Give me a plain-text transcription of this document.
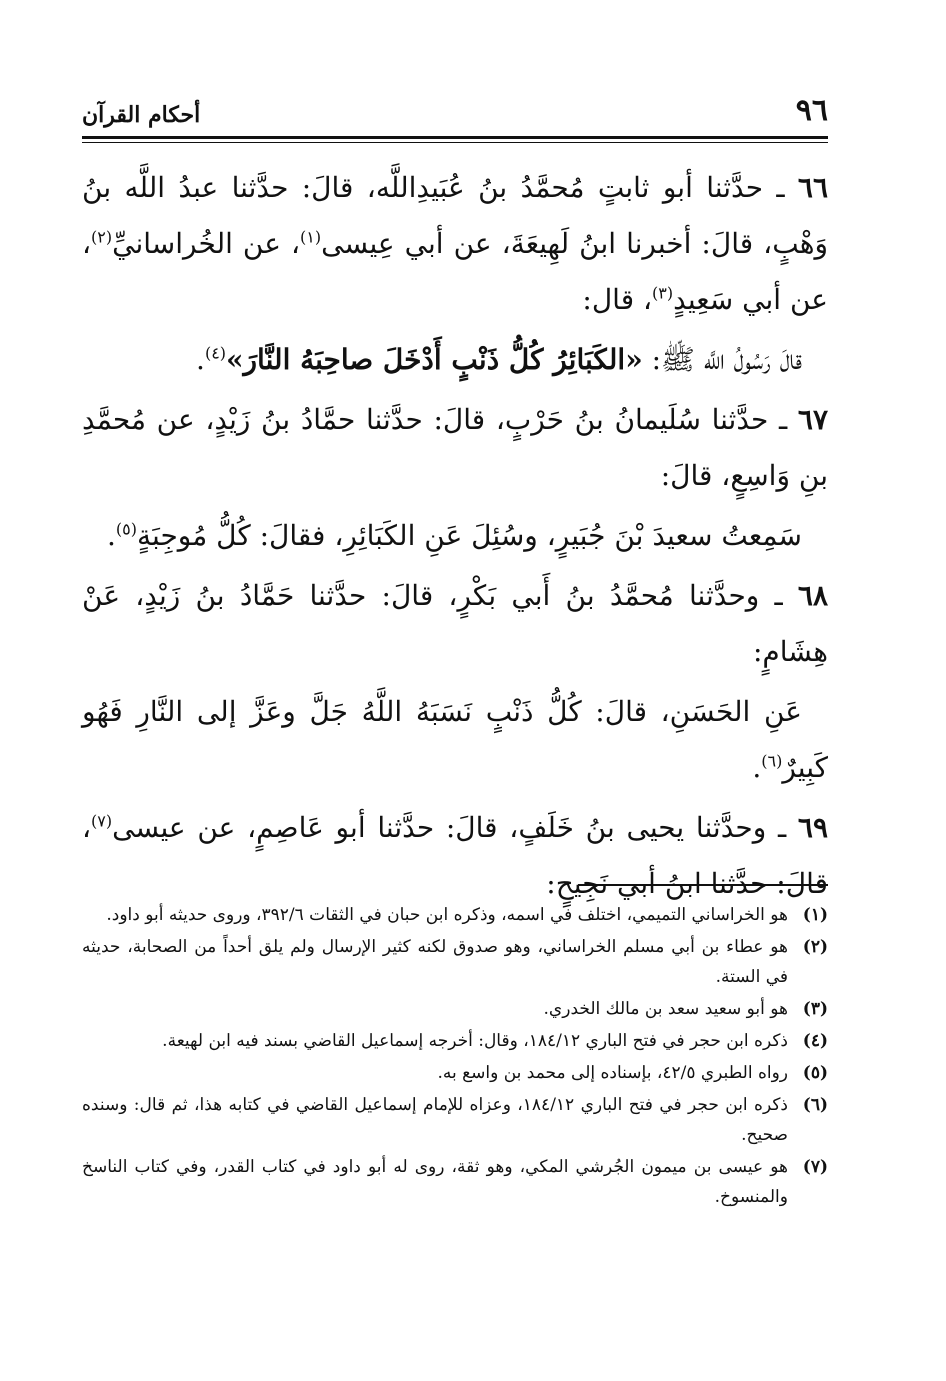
٩٦
أحكام القرآن

٦٦ ـ حدَّثنا أبو ثابتٍ مُحمَّدُ بنُ عُبَيدِاللَّه، قالَ: حدَّثنا عبدُ اللَّه بنُ وَهْبٍ، قالَ: أخبرنا ابنُ لَهِيعَةَ، عن أبي عِيسى$^{(١)}$، عن الخُراسانيِّ$^{(٢)}$، عن أبي سَعِيدٍ$^{(٣)}$، قال:

قالَ رَسُولُ اللَّه ﷺ: «الكَبَائِرُ كُلُّ ذَنْبٍ أَدْخَلَ صاحِبَهُ النَّارَ»$^{(٤)}$.

٦٧ ـ حدَّثنا سُلَيمانُ بنُ حَرْبٍ، قالَ: حدَّثنا حمَّادُ بنُ زَيْدٍ، عن مُحمَّدِ بنِ وَاسِعٍ، قالَ:

سَمِعتُ سعيدَ بْنَ جُبَيرٍ، وسُئِلَ عَنِ الكَبَائِرِ، فقالَ: كُلُّ مُوجِبَةٍ$^{(٥)}$.

٦٨ ـ وحدَّثنا مُحمَّدُ بنُ أَبي بَكْرٍ، قالَ: حدَّثنا حَمَّادُ بنُ زَيْدٍ، عَنْ هِشَامٍ:

عَنِ الحَسَنِ، قالَ: كُلُّ ذَنْبٍ نَسَبَهُ اللَّهُ جَلَّ وعَزَّ إلى النَّارِ فَهُو كَبِيرٌ$^{(٦)}$.

٦٩ ـ وحدَّثنا يحيى بنُ خَلَفٍ، قالَ: حدَّثنا أبو عَاصِمٍ، عن عيسى$^{(٧)}$، قالَ: حدَّثنا ابنُ أبي نَجِيحٍ:

(١)
هو الخراساني التميمي، اختلف في اسمه، وذكره ابن حبان في الثقات ٣٩٢/٦، وروى حديثه أبو داود.
(٢)
هو عطاء بن أبي مسلم الخراساني، وهو صدوق لكنه كثير الإرسال ولم يلق أحداً من الصحابة، حديثه في الستة.
(٣)
هو أبو سعيد سعد بن مالك الخدري.
(٤)
ذكره ابن حجر في فتح الباري ١٨٤/١٢، وقال: أخرجه إسماعيل القاضي بسند فيه ابن لهيعة.
(٥)
رواه الطبري ٤٢/٥، بإسناده إلى محمد بن واسع به.
(٦)
ذكره ابن حجر في فتح الباري ١٨٤/١٢، وعزاه للإمام إسماعيل القاضي في كتابه هذا، ثم قال: وسنده صحيح.
(٧)
هو عيسى بن ميمون الجُرشي المكي، وهو ثقة، روى له أبو داود في كتاب القدر، وفي كتاب الناسخ والمنسوخ.
